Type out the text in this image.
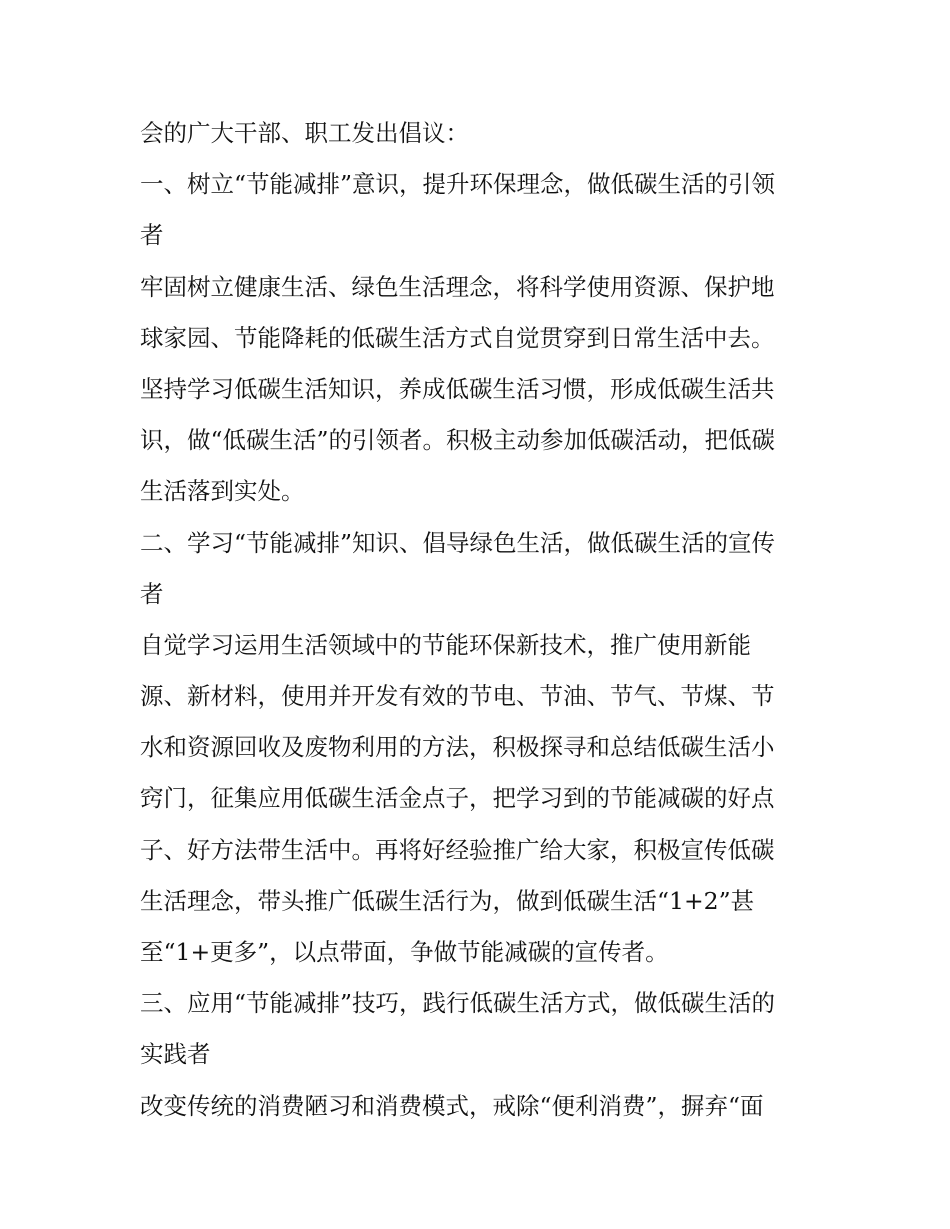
会的广大干部、职工发出倡议：
一、树立“节能减排”意识，提升环保理念，做低碳生活的引领
者
牢固树立健康生活、绿色生活理念，将科学使用资源、保护地
球家园、节能降耗的低碳生活方式自觉贯穿到日常生活中去。
坚持学习低碳生活知识，养成低碳生活习惯，形成低碳生活共
识，做“低碳生活”的引领者。积极主动参加低碳活动，把低碳
生活落到实处。
二、学习“节能减排”知识、倡导绿色生活，做低碳生活的宣传
者
自觉学习运用生活领域中的节能环保新技术，推广使用新能
源、新材料，使用并开发有效的节电、节油、节气、节煤、节
水和资源回收及废物利用的方法，积极探寻和总结低碳生活小
窍门，征集应用低碳生活金点子，把学习到的节能减碳的好点
子、好方法带生活中。再将好经验推广给大家，积极宣传低碳
生活理念，带头推广低碳生活行为，做到低碳生活“1+2”甚
至“1+更多”，以点带面，争做节能减碳的宣传者。
三、应用“节能减排”技巧，践行低碳生活方式，做低碳生活的
实践者
改变传统的消费陋习和消费模式，戒除“便利消费”，摒弃“面
